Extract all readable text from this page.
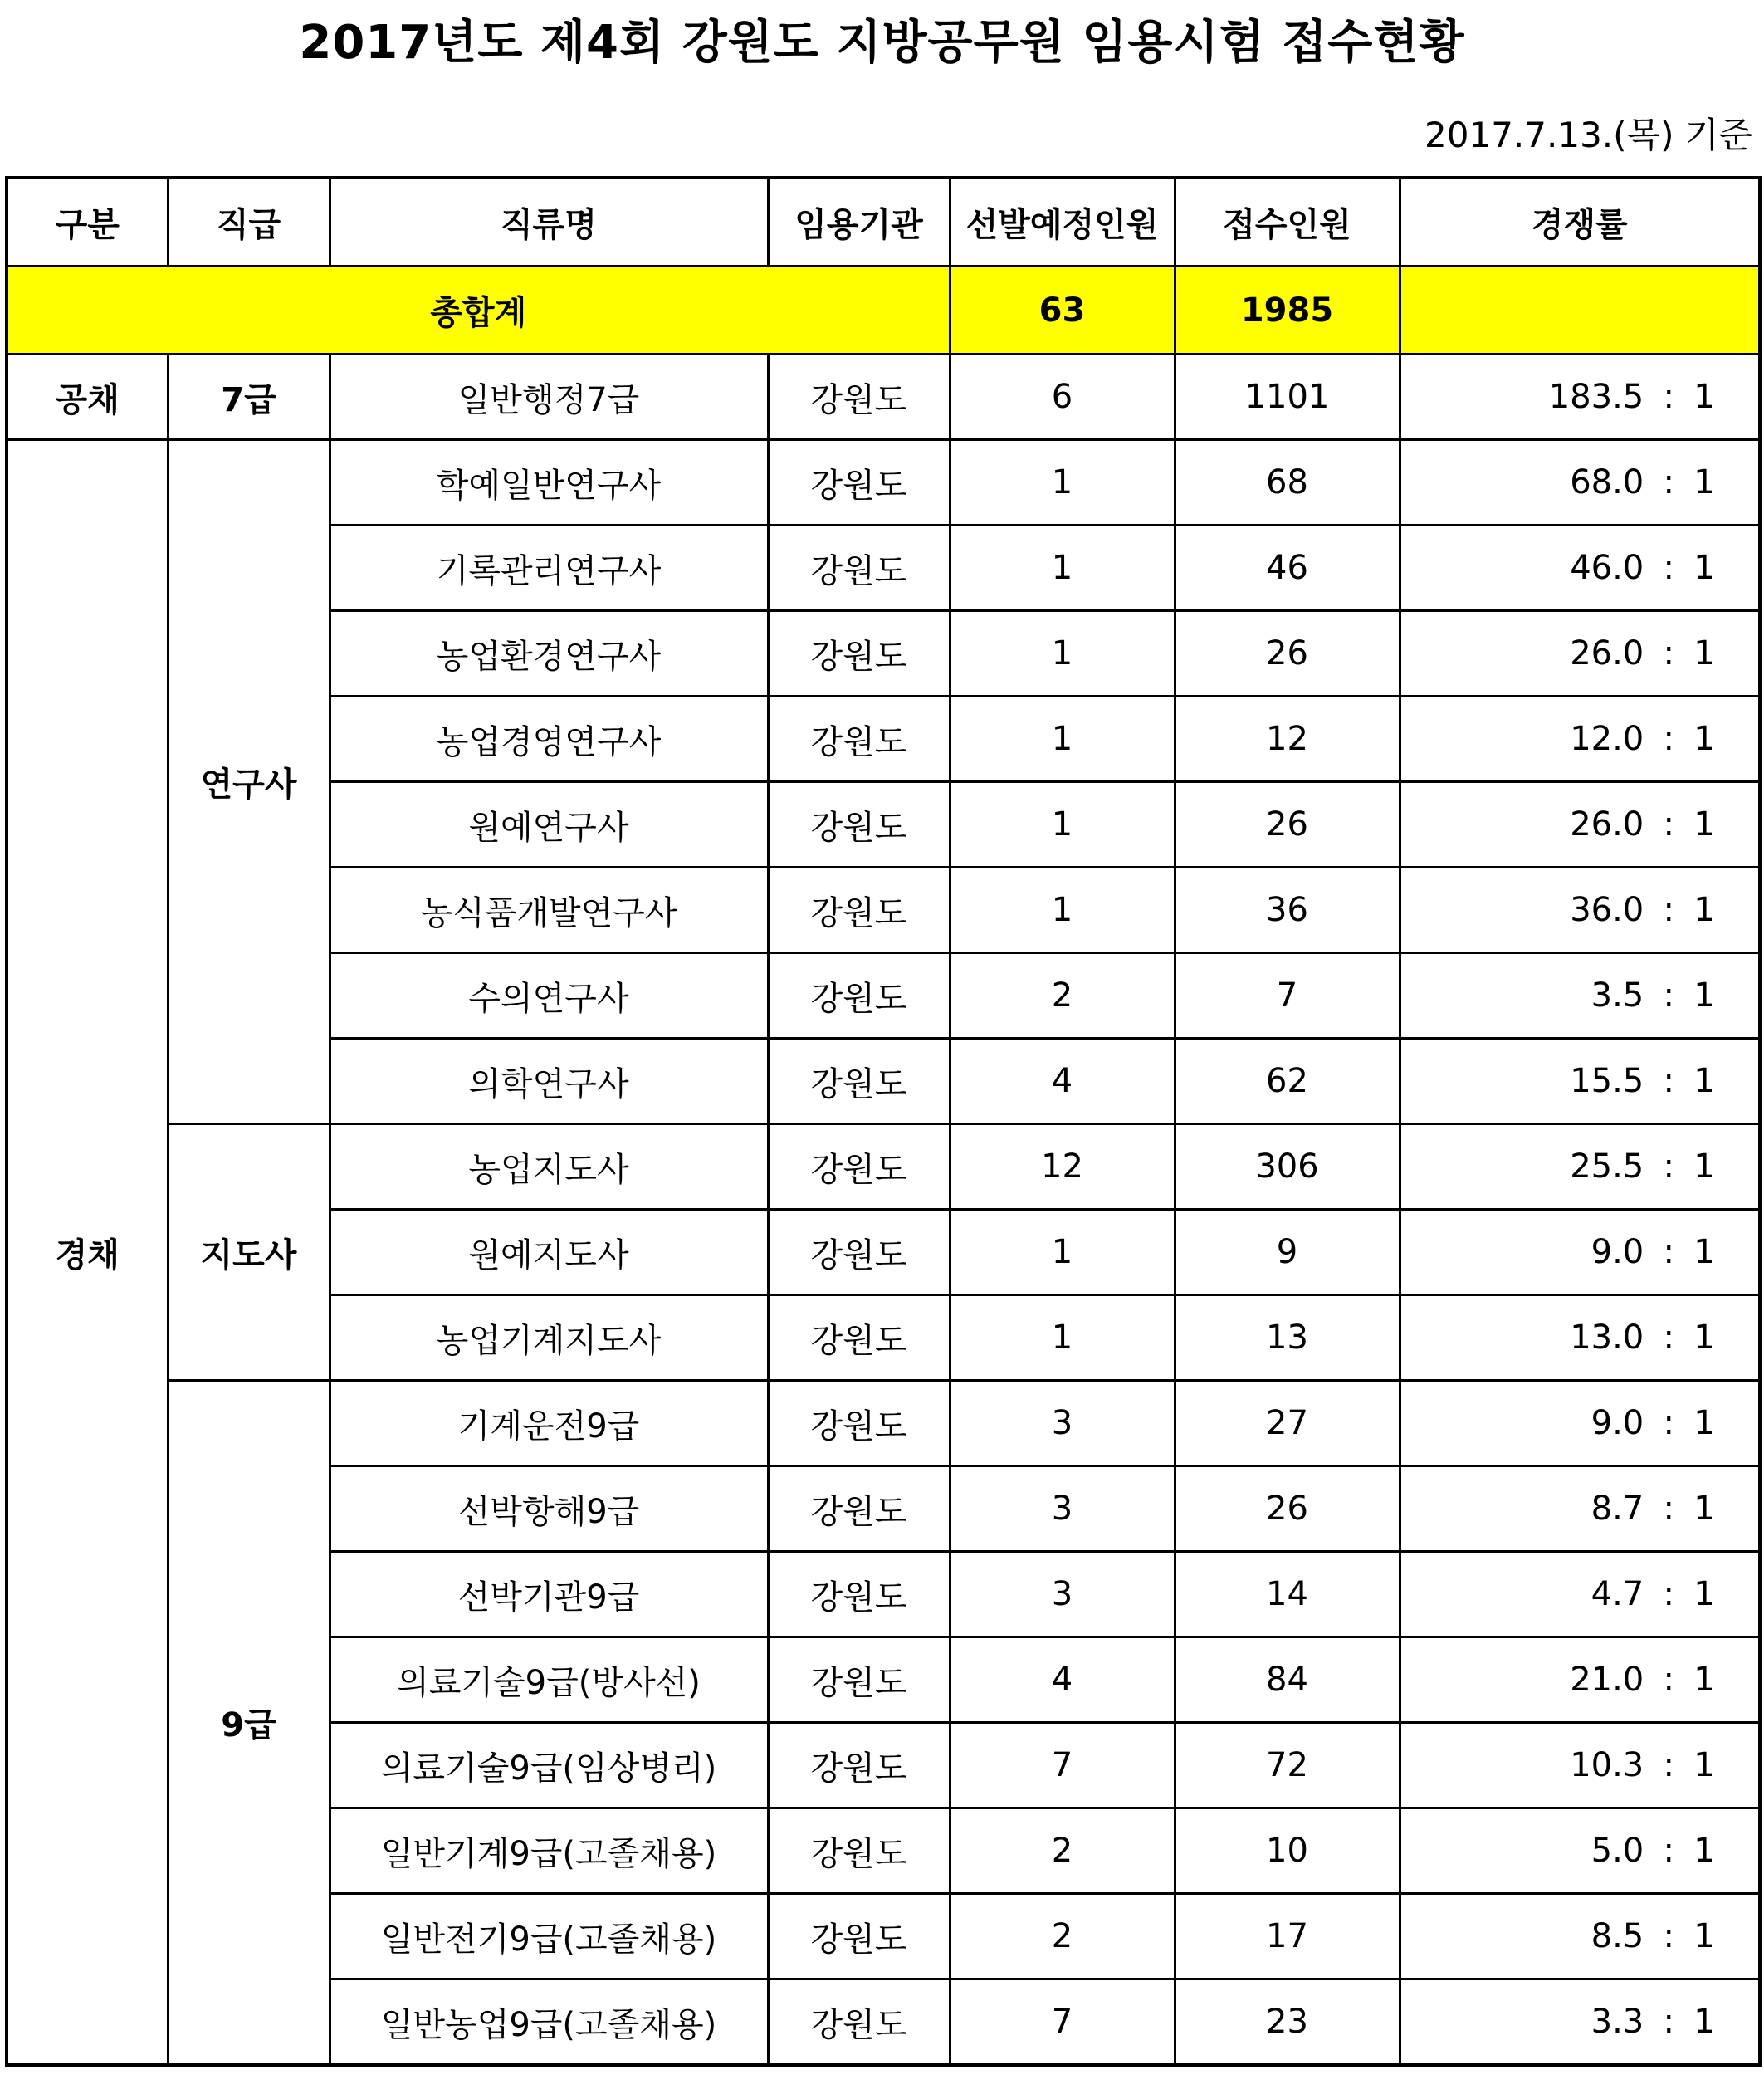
2017년도 제4회 강원도 지방공무원 임용시험 접수현황
2017.7.13.(목) 기준
구분	직급	직류명	임용기관	선발예정인원	접수인원	경쟁률
총합계				63	1985	
공채	7급	일반행정7급	강원도	6	1101	183.5 : 1
경채	연구사	학예일반연구사	강원도	1	68	68.0 : 1
		기록관리연구사	강원도	1	46	46.0 : 1
		농업환경연구사	강원도	1	26	26.0 : 1
		농업경영연구사	강원도	1	12	12.0 : 1
		원예연구사	강원도	1	26	26.0 : 1
		농식품개발연구사	강원도	1	36	36.0 : 1
		수의연구사	강원도	2	7	3.5 : 1
		의학연구사	강원도	4	62	15.5 : 1
	지도사	농업지도사	강원도	12	306	25.5 : 1
		원예지도사	강원도	1	9	9.0 : 1
		농업기계지도사	강원도	1	13	13.0 : 1
	9급	기계운전9급	강원도	3	27	9.0 : 1
		선박항해9급	강원도	3	26	8.7 : 1
		선박기관9급	강원도	3	14	4.7 : 1
		의료기술9급(방사선)	강원도	4	84	21.0 : 1
		의료기술9급(임상병리)	강원도	7	72	10.3 : 1
		일반기계9급(고졸채용)	강원도	2	10	5.0 : 1
		일반전기9급(고졸채용)	강원도	2	17	8.5 : 1
		일반농업9급(고졸채용)	강원도	7	23	3.3 : 1
